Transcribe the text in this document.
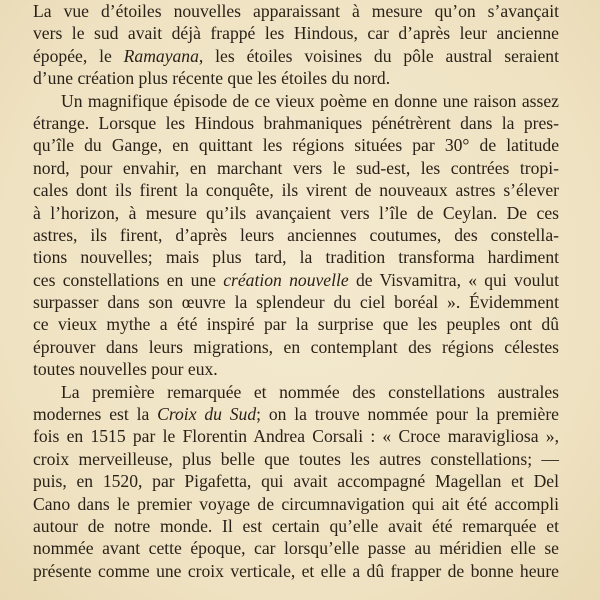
La vue d’étoiles nouvelles apparaissant à mesure qu’on s’avançait
vers le sud avait déjà frappé les Hindous, car d’après leur ancienne
épopée, le Ramayana, les étoiles voisines du pôle austral seraient
d’une création plus récente que les étoiles du nord.

Un magnifique épisode de ce vieux poème en donne une raison assez
étrange. Lorsque les Hindous brahmaniques pénétrèrent dans la pres-
qu’île du Gange, en quittant les régions situées par 30° de latitude
nord, pour envahir, en marchant vers le sud-est, les contrées tropi-
cales dont ils firent la conquête, ils virent de nouveaux astres s’élever
à l’horizon, à mesure qu’ils avançaient vers l’île de Ceylan. De ces
astres, ils firent, d’après leurs anciennes coutumes, des constella-
tions nouvelles; mais plus tard, la tradition transforma hardiment
ces constellations en une création nouvelle de Visvamitra, « qui voulut
surpasser dans son œuvre la splendeur du ciel boréal ». Évidemment
ce vieux mythe a été inspiré par la surprise que les peuples ont dû
éprouver dans leurs migrations, en contemplant des régions célestes
toutes nouvelles pour eux.

La première remarquée et nommée des constellations australes
modernes est la Croix du Sud; on la trouve nommée pour la première
fois en 1515 par le Florentin Andrea Corsali : « Croce maravigliosa »,
croix merveilleuse, plus belle que toutes les autres constellations; —
puis, en 1520, par Pigafetta, qui avait accompagné Magellan et Del
Cano dans le premier voyage de circumnavigation qui ait été accompli
autour de notre monde. Il est certain qu’elle avait été remarquée et
nommée avant cette époque, car lorsqu’elle passe au méridien elle se
présente comme une croix verticale, et elle a dû frapper de bonne heure
